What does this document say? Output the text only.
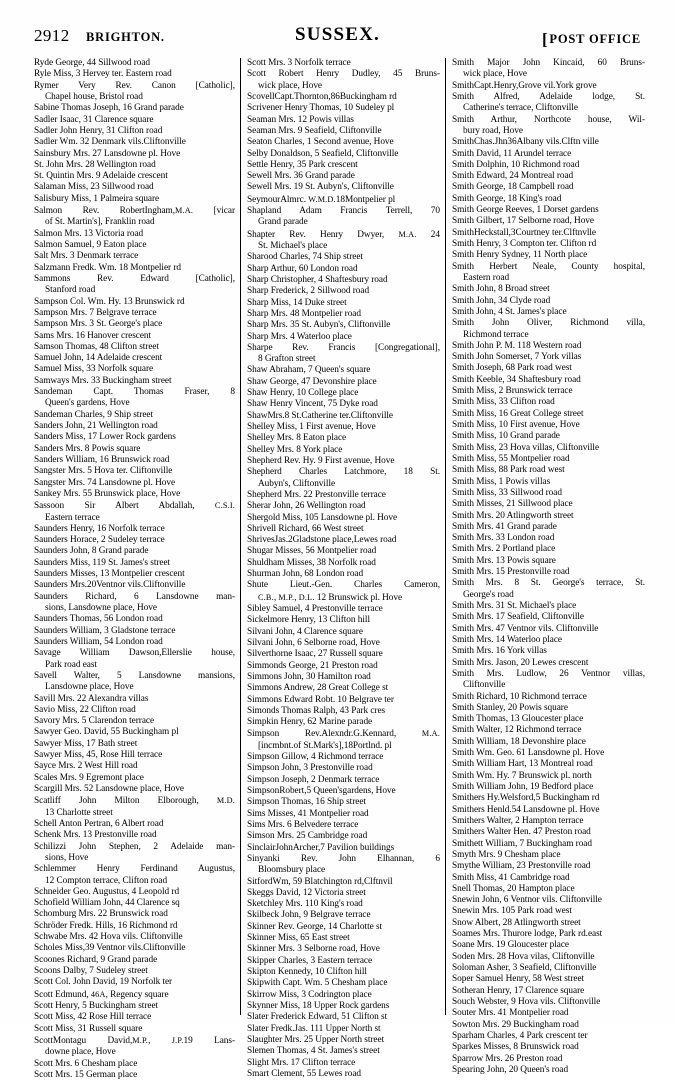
2912 BRIGHTON.	SUSSEX.	[POST OFFICE
Ryde George, 44 Sillwood road
Ryle Miss, 3 Hervey ter. Eastern road
Rymer Very Rev. Canon [Catholic],
Chapel house, Bristol road
Sabine Thomas Joseph, 16 Grand parade
Sadler Isaac, 31 Clarence square
Sadler John Henry, 31 Clifton road
Sadler Wm. 32 Denmark vils.Cliftonville
Sainsbury Mrs. 27 Lansdowne pl. Hove
St. John Mrs. 28 Wellington road
St. Quintin Mrs. 9 Adelaide crescent
Salaman Miss, 23 Sillwood road
Salisbury Miss, 1 Palmeira square
Salmon Rev. RobertIngham,M.A. [vicar
of St. Martin's], Franklin road
Salmon Mrs. 13 Victoria road
Salmon Samuel, 9 Eaton place
Salt Mrs. 3 Denmark terrace
Salzmann Fredk. Wm. 18 Montpelier rd
Sammons Rev. Edward [Catholic],
Stanford road
Sampson Col. Wm. Hy. 13 Brunswick rd
Sampson Mrs. 7 Belgrave terrace
Sampson Mrs. 3 St. George's place
Sams Mrs. 16 Hanover crescent
Samson Thomas, 48 Clifton street
Samuel John, 14 Adelaide crescent
Samuel Miss, 33 Norfolk square
Samways Mrs. 33 Buckingham street
Sandeman Capt. Thomas Fraser, 8
Queen's gardens, Hove
Sandeman Charles, 9 Ship street
Sanders John, 21 Wellington road
Sanders Miss, 17 Lower Rock gardens
Sanders Mrs. 8 Powis square
Sanders William, 16 Brunswick road
Sangster Mrs. 5 Hova ter. Cliftonville
Sangster Mrs. 74 Lansdowne pl. Hove
Sankey Mrs. 55 Brunswick place, Hove
Sassoon Sir Albert Abdallah, C.S.I.
Eastern terrace
Saunders Henry, 16 Norfolk terrace
Saunders Horace, 2 Sudeley terrace
Saunders John, 8 Grand parade
Saunders Miss, 119 St. James's street
Saunders Misses, 13 Montpelier crescent
Saunders Mrs.20Ventnor vils.Cliftonville
Saunders Richard, 6 Lansdowne man-
sions, Lansdowne place, Hove
Saunders Thomas, 56 London road
Saunders William, 3 Gladstone terrace
Saunders William, 54 London road
Savage William Dawson,Ellerslie house,
Park road east
Savell Walter, 5 Lansdowne mansions,
Lansdowne place, Hove
Savill Mrs. 22 Alexandra villas
Savio Miss, 22 Clifton road
Savory Mrs. 5 Clarendon terrace
Sawyer Geo. David, 55 Buckingham pl
Sawyer Miss, 17 Bath street
Sawyer Miss, 45, Rose Hill terrace
Sayce Mrs. 2 West Hill road
Scales Mrs. 9 Egremont place
Scargill Mrs. 52 Lansdowne place, Hove
Scatliff John Milton Elborough, M.D.
13 Charlotte street
Schell Anton Pertran, 6 Albert road
Schenk Mrs. 13 Prestonville road
Schilizzi John Stephen, 2 Adelaide man-
sions, Hove
Schlemmer Henry Ferdinand Augustus,
12 Compton terrace, Clifton road
Schneider Geo. Augustus, 4 Leopold rd
Schofield William John, 44 Clarence sq
Schomburg Mrs. 22 Brunswick road
Schröder Fredk. Hills, 16 Richmond rd
Schwabe Mrs. 42 Hova vils. Cliftonville
Scholes Miss,39 Ventnor vils.Cliftonville
Scoones Richard, 9 Grand parade
Scoons Dalby, 7 Sudeley street
Scott Col. John David, 19 Norfolk ter
Scott Edmund, 46A, Regency square
Scott Henry, 5 Buckingham street
Scott Miss, 42 Rose Hill terrace
Scott Miss, 31 Russell square
ScottMontagu David,M.P., J.P.19 Lans-
downe place, Hove
Scott Mrs. 6 Chesham place
Scott Mrs. 15 German place
Scott Mrs. 3 Norfolk terrace
Scott Robert Henry Dudley, 45 Bruns-
wick place, Hove
ScovellCapt.Thornton,86Buckingham rd
Scrivener Henry Thomas, 10 Sudeley pl
Seaman Mrs. 12 Powis villas
Seaman Mrs. 9 Seafield, Cliftonville
Seaton Charles, 1 Second avenue, Hove
Selby Donaldson, 5 Seafield, Cliftonville
Settle Henry, 35 Park crescent
Sewell Mrs. 36 Grand parade
Sewell Mrs. 19 St. Aubyn's, Cliftonville
SeymourAlmrc. W.M.D.18Montpelier pl
Shapland Adam Francis Terrell, 70
Grand parade
Shapter Rev. Henry Dwyer, M.A. 24
St. Michael's place
Sharood Charles, 74 Ship street
Sharp Arthur, 60 London road
Sharp Christopher, 4 Shaftesbury road
Sharp Frederick, 2 Sillwood road
Sharp Miss, 14 Duke street
Sharp Mrs. 48 Montpelier road
Sharp Mrs. 35 St. Aubyn's, Cliftonville
Sharp Mrs. 4 Waterloo place
Sharpe Rev. Francis [Congregational],
8 Grafton street
Shaw Abraham, 7 Queen's square
Shaw George, 47 Devonshire place
Shaw Henry, 10 College place
Shaw Henry Vincent, 75 Dyke road
ShawMrs.8 St.Catherine ter.Cliftonville
Shelley Miss, 1 First avenue, Hove
Shelley Mrs. 8 Eaton place
Shelley Mrs. 8 York place
Shepherd Rev. Hy. 9 First avenue, Hove
Shepherd Charles Latchmore, 18 St.
Aubyn's, Cliftonville
Shepherd Mrs. 22 Prestonville terrace
Sherar John, 26 Wellington road
Shergold Miss, 105 Lansdowne pl. Hove
Shrivell Richard, 66 West street
ShrivesJas.2Gladstone place,Lewes road
Shugar Misses, 56 Montpelier road
Shuldham Misses, 38 Norfolk road
Shurman John, 68 London road
Shute Lieut.-Gen. Charles Cameron,
C.B., M.P., D.L. 12 Brunswick pl. Hove
Sibley Samuel, 4 Prestonville terrace
Sickelmore Henry, 13 Clifton hill
Silvani John, 4 Clarence square
Silvani John, 6 Selborne road, Hove
Silverthorne Isaac, 27 Russell square
Simmonds George, 21 Preston road
Simmons John, 30 Hamilton road
Simmons Andrew, 28 Great College st
Simmons Edward Robt. 10 Belgrave ter
Simonds Thomas Ralph, 43 Park cres
Simpkin Henry, 62 Marine parade
Simpson Rev.Alexndr.G.Kennard, M.A.
[incmbnt.of St.Mark's],18Portlnd. pl
Simpson Gillow, 4 Richmond terrace
Simpson John, 3 Prestonville road
Simpson Joseph, 2 Denmark terrace
SimpsonRobert,5 Queen'sgardens, Hove
Simpson Thomas, 16 Ship street
Sims Misses, 41 Montpelier road
Sims Mrs. 6 Belvedere terrace
Simson Mrs. 25 Cambridge road
SinclairJohnArcher,7 Pavilion buildings
Sinyanki Rev. John Elhannan, 6
Bloomsbury place
SitfordWm, 59 Blatchington rd,Clftnvil
Skeggs David, 12 Victoria street
Sketchley Mrs. 110 King's road
Skilbeck John, 9 Belgrave terrace
Skinner Rev. George, 14 Charlotte st
Skinner Miss, 65 East street
Skinner Mrs. 3 Selborne road, Hove
Skipper Charles, 3 Eastern terrace
Skipton Kennedy, 10 Clifton hill
Skipwith Capt. Wm. 5 Chesham place
Skirrow Miss, 3 Codrington place
Skynner Miss, 18 Upper Rock gardens
Slater Frederick Edward, 51 Clifton st
Slater Fredk.Jas. 111 Upper North st
Slaughter Mrs. 25 Upper North street
Slemen Thomas, 4 St. James's street
Slight Mrs. 17 Clifton terrace
Smart Clement, 55 Lewes road
Smith Major John Kincaid, 60 Bruns-
wick place, Hove
SmithCapt.Henry,Grove vil.York grove
Smith Alfred, Adelaide lodge, St.
Catherine's terrace, Cliftonville
Smith Arthur, Northcote house, Wil-
bury road, Hove
SmithChas.Jhn36Albany vils.Clftn ville
Smith David, 11 Arundel terrace
Smith Dolphin, 10 Richmond road
Smith Edward, 24 Montreal road
Smith George, 18 Campbell road
Smith George, 18 King's road
Smith George Reeves, 1 Dorset gardens
Smith Gilbert, 17 Selborne road, Hove
SmithHeckstall,3Courtney ter.Clftnvlle
Smith Henry, 3 Compton ter. Clifton rd
Smith Henry Sydney, 11 North place
Smith Herbert Neale, County hospital,
Eastern road
Smith John, 8 Broad street
Smith John, 34 Clyde road
Smith John, 4 St. James's place
Smith John Oliver, Richmond villa,
Richmond terrace
Smith John P. M. 118 Western road
Smith John Somerset, 7 York villas
Smith Joseph, 68 Park road west
Smith Keeble, 34 Shaftesbury road
Smith Miss, 2 Brunswick terrace
Smith Miss, 33 Clifton road
Smith Miss, 16 Great College street
Smith Miss, 10 First avenue, Hove
Smith Miss, 10 Grand parade
Smith Miss, 23 Hova villas, Cliftonville
Smith Miss, 55 Montpelier road
Smith Miss, 88 Park road west
Smith Miss, 1 Powis villas
Smith Miss, 33 Sillwood road
Smith Misses, 21 Sillwood place
Smith Mrs. 20 Atlingworth street
Smith Mrs. 41 Grand parade
Smith Mrs. 33 London road
Smith Mrs. 2 Portland place
Smith Mrs. 13 Powis square
Smith Mrs. 15 Prestonville road
Smith Mrs. 8 St. George's terrace, St.
George's road
Smith Mrs. 31 St. Michael's place
Smith Mrs. 17 Seafield, Cliftonville
Smith Mrs. 47 Ventnor vils. Cliftonville
Smith Mrs. 14 Waterloo place
Smith Mrs. 16 York villas
Smith Mrs. Jason, 20 Lewes crescent
Smith Mrs. Ludlow, 26 Ventnor villas,
Cliftonville
Smith Richard, 10 Richmond terrace
Smith Stanley, 20 Powis square
Smith Thomas, 13 Gloucester place
Smith Walter, 12 Richmond terrace
Smith William, 18 Devonshire place
Smith Wm. Geo. 61 Lansdowne pl. Hove
Smith William Hart, 13 Montreal road
Smith Wm. Hy. 7 Brunswick pl. north
Smith William John, 19 Bedford place
Smithers Hy.Welsford,5 Buckingham rd
Smithers Henld.54 Lansdowne pl. Hove
Smithers Walter, 2 Hampton terrace
Smithers Walter Hen. 47 Preston road
Smithett William, 7 Buckingham road
Smyth Mrs. 9 Chesham place
Smythe William, 23 Prestonville road
Smith Miss, 41 Cambridge road
Snell Thomas, 20 Hampton place
Snewin John, 6 Ventnor vils. Cliftonville
Snewin Mrs. 105 Park road west
Snow Albert, 28 Atlingworth street
Soames Mrs. Thurore lodge, Park rd.east
Soane Mrs. 19 Gloucester place
Soden Mrs. 28 Hova vilas, Cliftonville
Soloman Asher, 3 Seafield, Cliftonville
Soper Samuel Henry, 58 West street
Sotheran Henry, 17 Clarence square
Souch Webster, 9 Hova vils. Cliftonville
Souter Mrs. 41 Montpelier road
Sowton Mrs. 29 Buckingham road
Sparham Charles, 4 Park crescent ter
Sparkes Misses, 8 Brunswick road
Sparrow Mrs. 26 Preston road
Spearing John, 20 Queen's road
